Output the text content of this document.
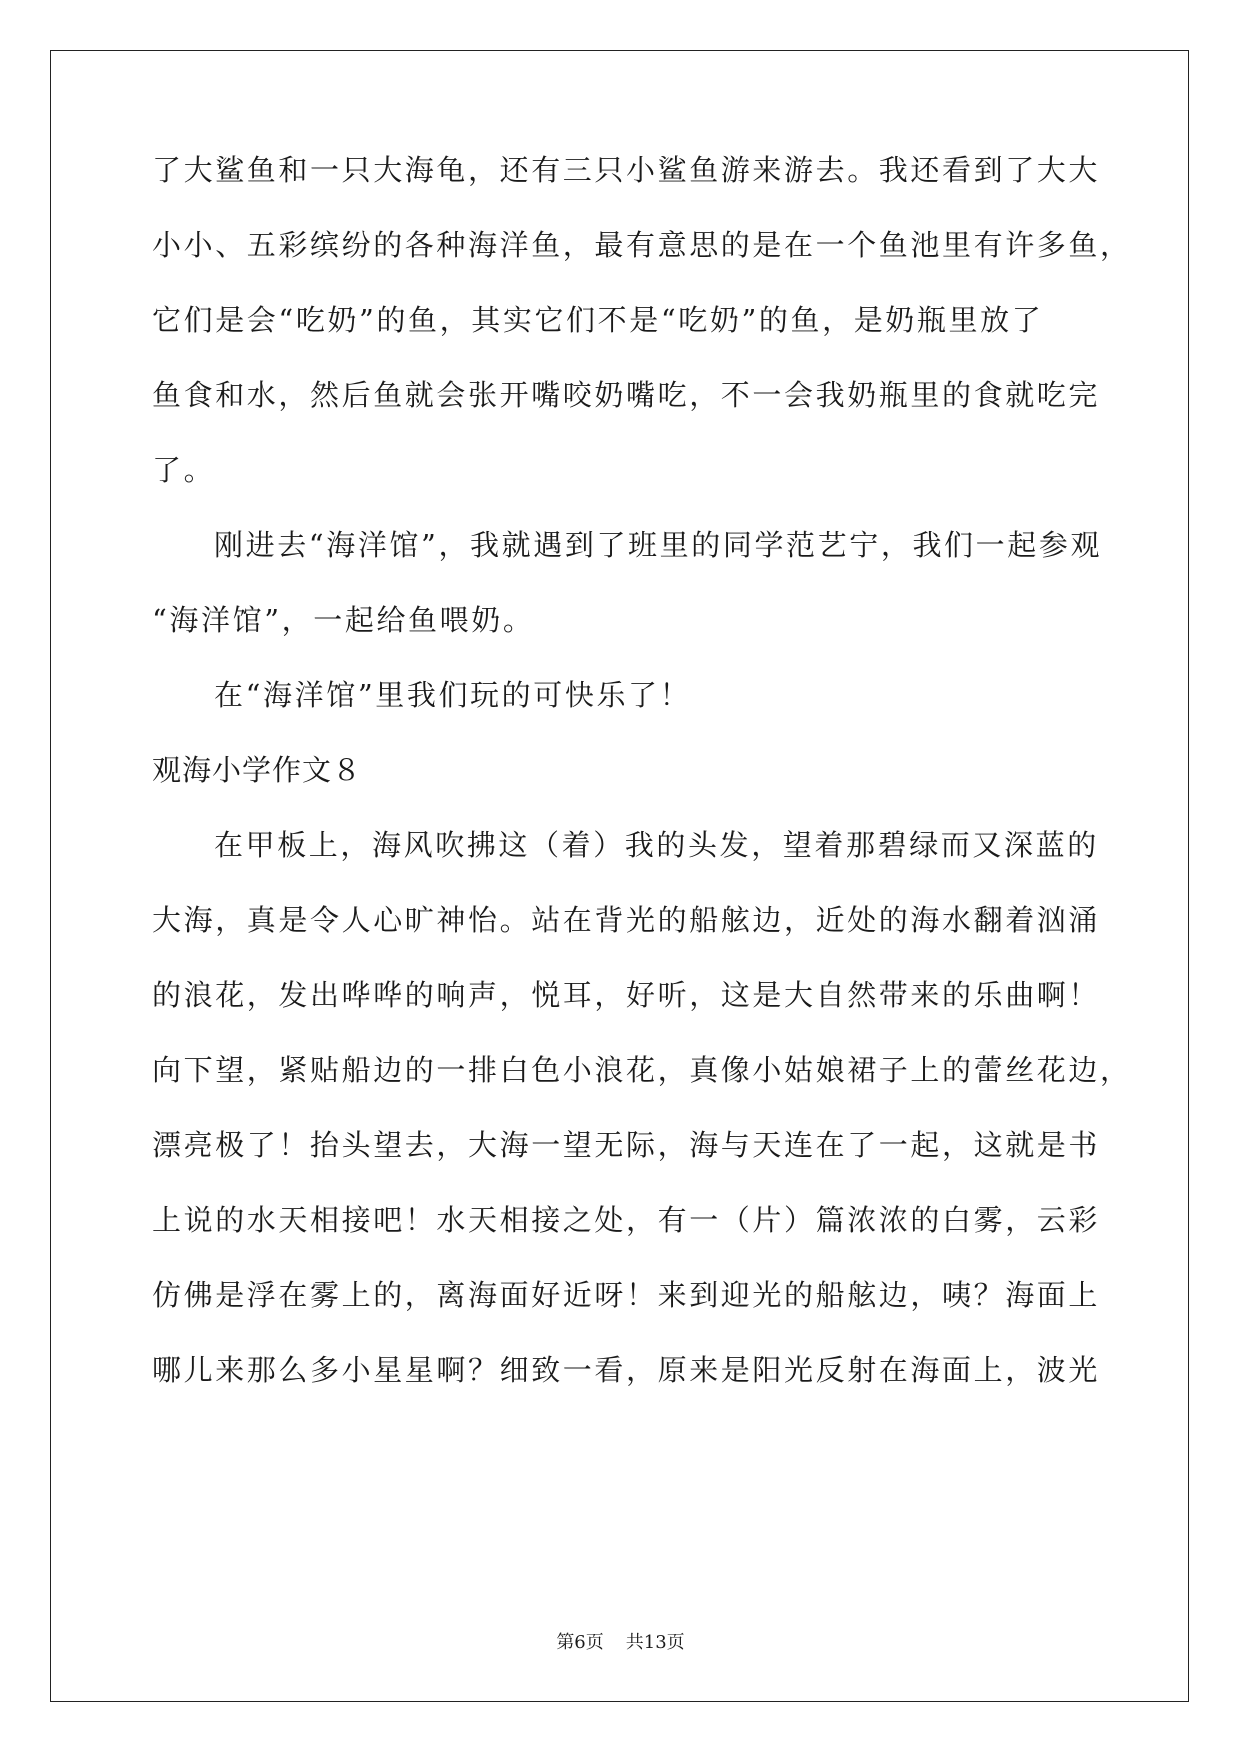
了大鲨鱼和一只大海龟，还有三只小鲨鱼游来游去。我还看到了大大
小小、五彩缤纷的各种海洋鱼，最有意思的是在一个鱼池里有许多鱼，
它们是会“吃奶”的鱼，其实它们不是“吃奶”的鱼，是奶瓶里放了
鱼食和水，然后鱼就会张开嘴咬奶嘴吃，不一会我奶瓶里的食就吃完
了。
刚进去“海洋馆”，我就遇到了班里的同学范艺宁，我们一起参观
“海洋馆”，一起给鱼喂奶。
在“海洋馆”里我们玩的可快乐了！
观海小学作文８
在甲板上，海风吹拂这（着）我的头发，望着那碧绿而又深蓝的
大海，真是令人心旷神怡。站在背光的船舷边，近处的海水翻着汹涌
的浪花，发出哗哗的响声，悦耳，好听，这是大自然带来的乐曲啊！
向下望，紧贴船边的一排白色小浪花，真像小姑娘裙子上的蕾丝花边，
漂亮极了！抬头望去，大海一望无际，海与天连在了一起，这就是书
上说的水天相接吧！水天相接之处，有一（片）篇浓浓的白雾，云彩
仿佛是浮在雾上的，离海面好近呀！来到迎光的船舷边，咦？海面上
哪儿来那么多小星星啊？细致一看，原来是阳光反射在海面上，波光
第6页 共13页
